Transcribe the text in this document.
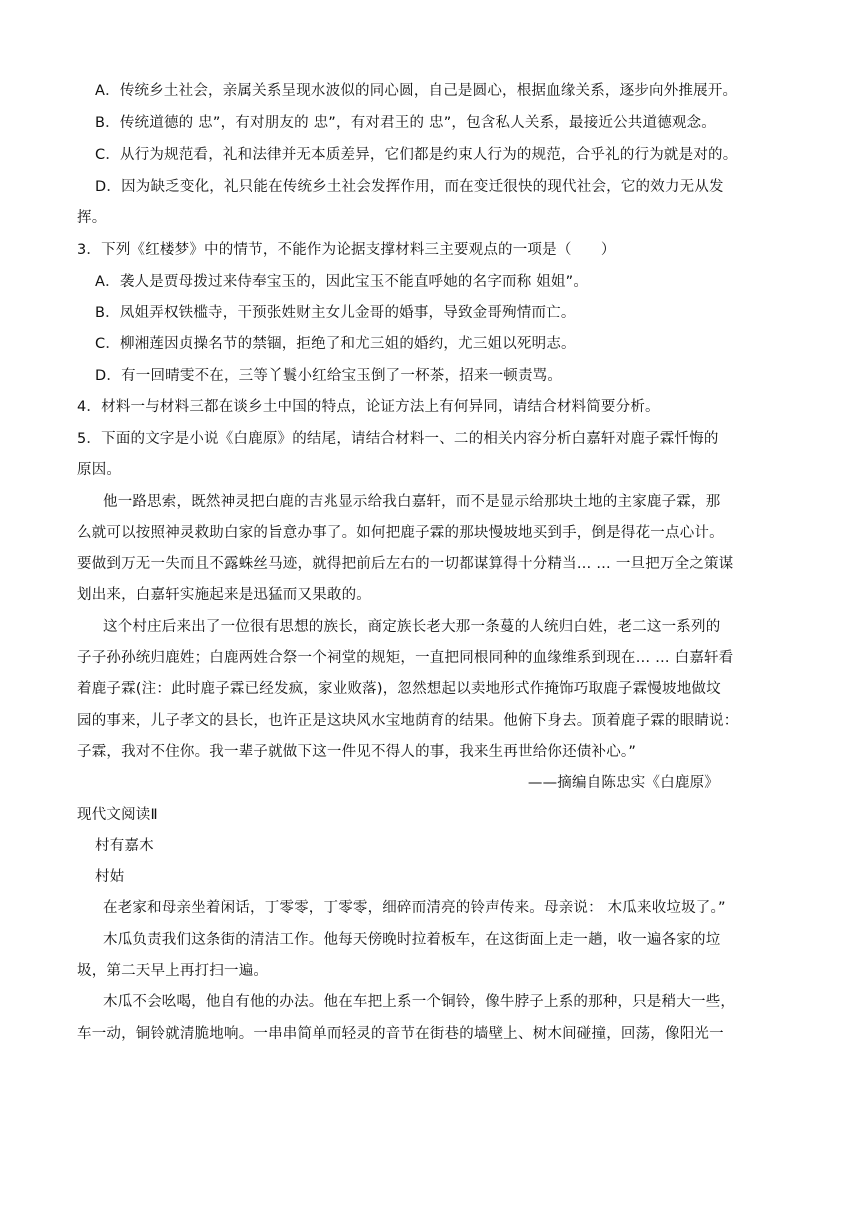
A．传统乡土社会，亲属关系呈现水波似的同心圆，自己是圆心，根据血缘关系，逐步向外推展开。
B．传统道德的 忠”，有对朋友的 忠”，有对君王的 忠”，包含私人关系，最接近公共道德观念。
C．从行为规范看，礼和法律并无本质差异，它们都是约束人行为的规范，合乎礼的行为就是对的。
D．因为缺乏变化，礼只能在传统乡土社会发挥作用，而在变迁很快的现代社会，它的效力无从发
挥。
3．下列《红楼梦》中的情节，不能作为论据支撑材料三主要观点的一项是（　　）
A．袭人是贾母拨过来侍奉宝玉的，因此宝玉不能直呼她的名字而称 姐姐”。
B．凤姐弄权铁槛寺，干预张姓财主女儿金哥的婚事，导致金哥殉情而亡。
C．柳湘莲因贞操名节的禁锢，拒绝了和尤三姐的婚约，尤三姐以死明志。
D．有一回晴雯不在，三等丫鬟小红给宝玉倒了一杯茶，招来一顿责骂。
4．材料一与材料三都在谈乡土中国的特点，论证方法上有何异同，请结合材料简要分析。
5．下面的文字是小说《白鹿原》的结尾，请结合材料一、二的相关内容分析白嘉轩对鹿子霖忏悔的
原因。
他一路思索，既然神灵把白鹿的吉兆显示给我白嘉轩，而不是显示给那块土地的主家鹿子霖，那
么就可以按照神灵救助白家的旨意办事了。如何把鹿子霖的那块慢坡地买到手，倒是得花一点心计。
要做到万无一失而且不露蛛丝马迹，就得把前后左右的一切都谋算得十分精当… … 一旦把万全之策谋
划出来，白嘉轩实施起来是迅猛而又果敢的。
这个村庄后来出了一位很有思想的族长，商定族长老大那一条蔓的人统归白姓，老二这一系列的
子子孙孙统归鹿姓；白鹿两姓合祭一个祠堂的规矩，一直把同根同种的血缘维系到现在… … 白嘉轩看
着鹿子霖(注：此时鹿子霖已经发疯，家业败落)，忽然想起以卖地形式作掩饰巧取鹿子霖慢坡地做坟
园的事来，儿子孝文的县长，也许正是这块风水宝地荫育的结果。他俯下身去。顶着鹿子霖的眼睛说：
子霖，我对不住你。我一辈子就做下这一件见不得人的事，我来生再世给你还债补心。”
——摘编自陈忠实《白鹿原》
现代文阅读Ⅱ
村有嘉木
村姑
在老家和母亲坐着闲话，丁零零，丁零零，细碎而清亮的铃声传来。母亲说： 木瓜来收垃圾了。”
木瓜负责我们这条街的清洁工作。他每天傍晚时拉着板车，在这街面上走一趟，收一遍各家的垃
圾，第二天早上再打扫一遍。
木瓜不会吆喝，他自有他的办法。他在车把上系一个铜铃，像牛脖子上系的那种，只是稍大一些，
车一动，铜铃就清脆地响。一串串简单而轻灵的音节在街巷的墙壁上、树木间碰撞，回荡，像阳光一
